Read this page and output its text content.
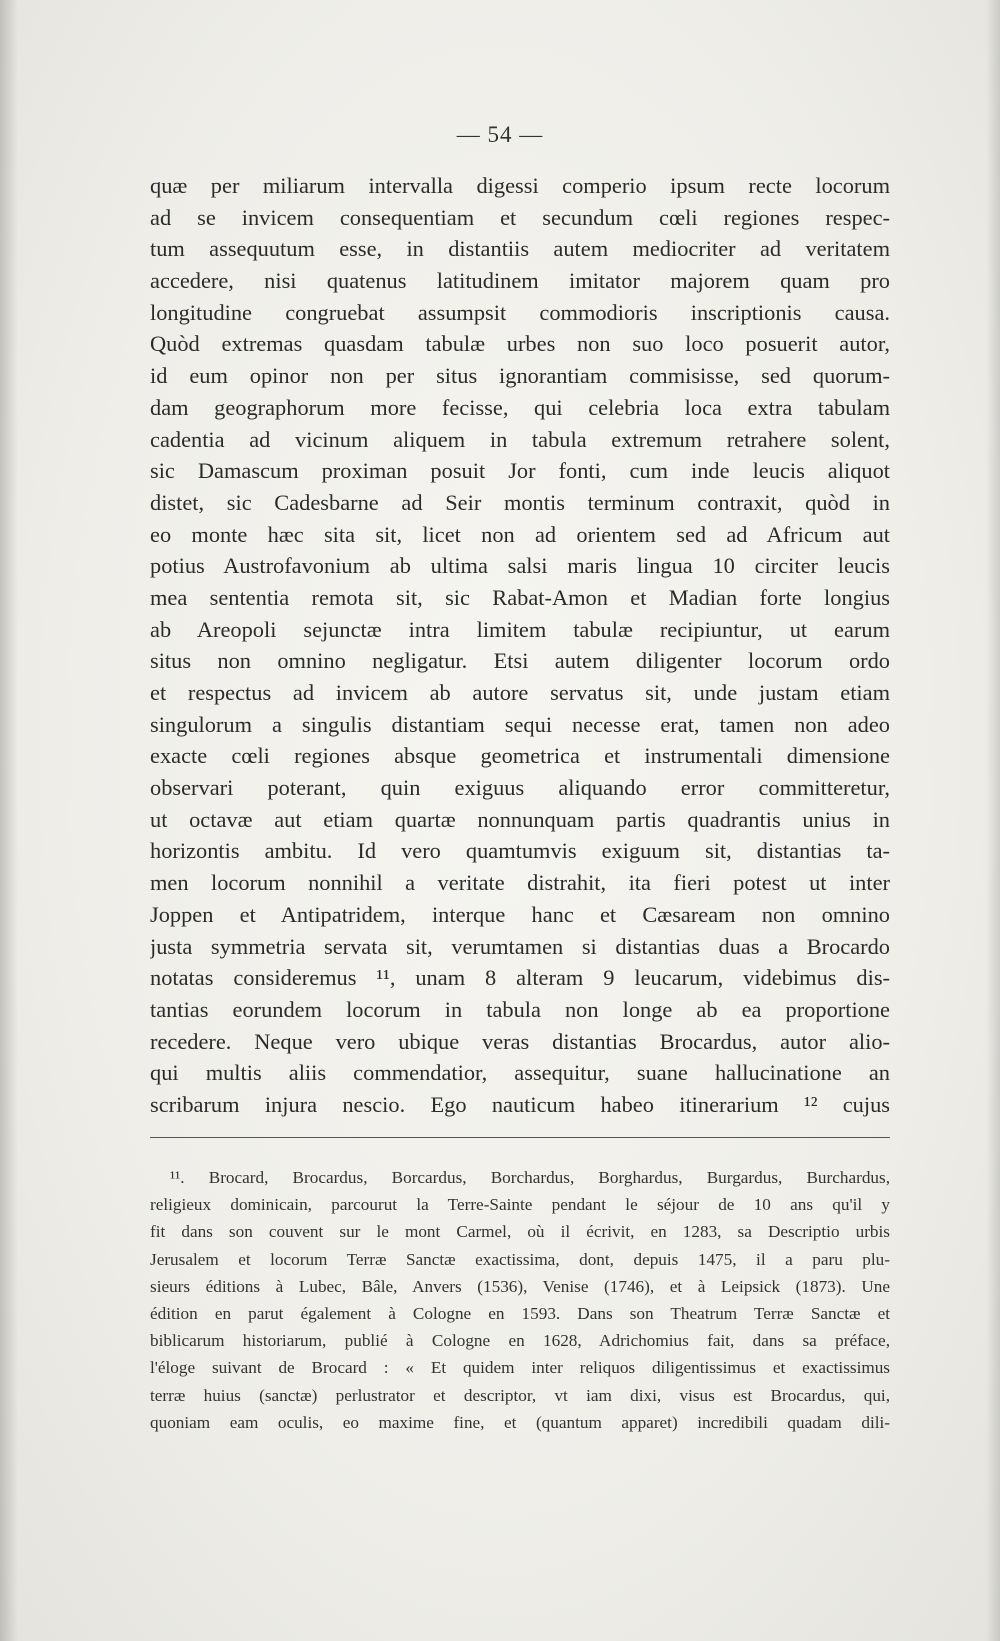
— 54 —
quæ per miliarum intervalla digessi comperio ipsum recte locorum
ad se invicem consequentiam et secundum cœli regiones respec-
tum assequutum esse, in distantiis autem mediocriter ad veritatem
accedere, nisi quatenus latitudinem imitator majorem quam pro
longitudine congruebat assumpsit commodioris inscriptionis causa.
Quòd extremas quasdam tabulæ urbes non suo loco posuerit autor,
id eum opinor non per situs ignorantiam commisisse, sed quorum-
dam geographorum more fecisse, qui celebria loca extra tabulam
cadentia ad vicinum aliquem in tabula extremum retrahere solent,
sic Damascum proximan posuit Jor fonti, cum inde leucis aliquot
distet, sic Cadesbarne ad Seir montis terminum contraxit, quòd in
eo monte hæc sita sit, licet non ad orientem sed ad Africum aut
potius Austrofavonium ab ultima salsi maris lingua 10 circiter leucis
mea sententia remota sit, sic Rabat-Amon et Madian forte longius
ab Areopoli sejunctæ intra limitem tabulæ recipiuntur, ut earum
situs non omnino negligatur. Etsi autem diligenter locorum ordo
et respectus ad invicem ab autore servatus sit, unde justam etiam
singulorum a singulis distantiam sequi necesse erat, tamen non adeo
exacte cœli regiones absque geometrica et instrumentali dimensione
observari poterant, quin exiguus aliquando error committeretur,
ut octavæ aut etiam quartæ nonnunquam partis quadrantis unius in
horizontis ambitu. Id vero quamtumvis exiguum sit, distantias ta-
men locorum nonnihil a veritate distrahit, ita fieri potest ut inter
Joppen et Antipatridem, interque hanc et Cæsaream non omnino
justa symmetria servata sit, verumtamen si distantias duas a Brocardo
notatas consideremus ¹¹, unam 8 alteram 9 leucarum, videbimus dis-
tantias eorundem locorum in tabula non longe ab ea proportione
recedere. Neque vero ubique veras distantias Brocardus, autor alio-
qui multis aliis commendatior, assequitur, suane hallucinatione an
scribarum injura nescio. Ego nauticum habeo itinerarium ¹² cujus
¹¹. Brocard, Brocardus, Borcardus, Borchardus, Borghardus, Burgardus, Burchardus,
religieux dominicain, parcourut la Terre-Sainte pendant le séjour de 10 ans qu'il y
fit dans son couvent sur le mont Carmel, où il écrivit, en 1283, sa Descriptio urbis
Jerusalem et locorum Terræ Sanctæ exactissima, dont, depuis 1475, il a paru plu-
sieurs éditions à Lubec, Bâle, Anvers (1536), Venise (1746), et à Leipsick (1873). Une
édition en parut également à Cologne en 1593. Dans son Theatrum Terræ Sanctæ et
biblicarum historiarum, publié à Cologne en 1628, Adrichomius fait, dans sa préface,
l'éloge suivant de Brocard : « Et quidem inter reliquos diligentissimus et exactissimus
terræ huius (sanctæ) perlustrator et descriptor, vt iam dixi, visus est Brocardus, qui,
quoniam eam oculis, eo maxime fine, et (quantum apparet) incredibili quadam dili-
